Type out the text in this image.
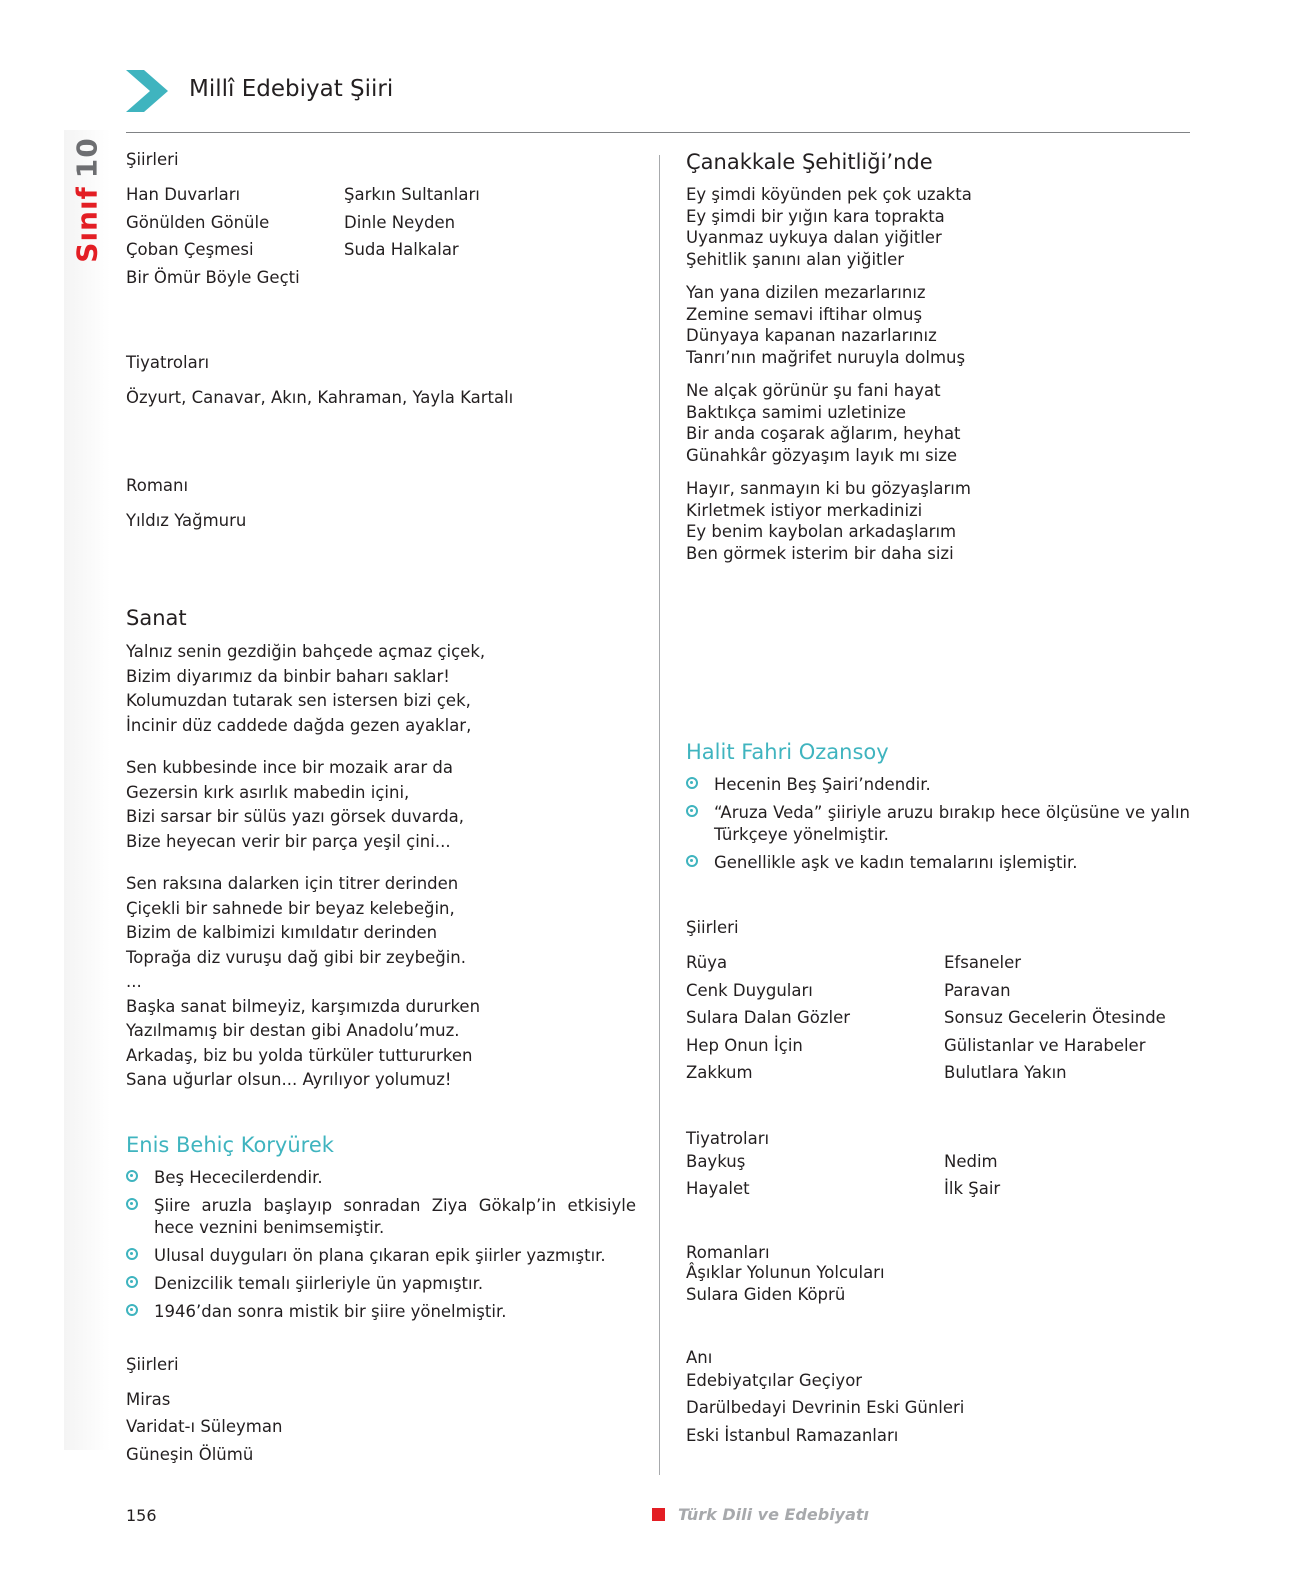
Sınıf10
Millî Edebiyat Şiiri
Şiirleri
Han Duvarları
Gönülden Gönüle
Çoban Çeşmesi
Bir Ömür Böyle Geçti
Şarkın Sultanları
Dinle Neyden
Suda Halkalar
Tiyatroları
Özyurt, Canavar, Akın, Kahraman, Yayla Kartalı
Romanı
Yıldız Yağmuru
Sanat
Yalnız senin gezdiğin bahçede açmaz çiçek,
Bizim diyarımız da binbir baharı saklar!
Kolumuzdan tutarak sen istersen bizi çek,
İncinir düz caddede dağda gezen ayaklar,
Sen kubbesinde ince bir mozaik arar da
Gezersin kırk asırlık mabedin içini,
Bizi sarsar bir sülüs yazı görsek duvarda,
Bize heyecan verir bir parça yeşil çini...
Sen raksına dalarken için titrer derinden
Çiçekli bir sahnede bir beyaz kelebeğin,
Bizim de kalbimizi kımıldatır derinden
Toprağa diz vuruşu dağ gibi bir zeybeğin.
...
Başka sanat bilmeyiz, karşımızda dururken
Yazılmamış bir destan gibi Anadolu’muz.
Arkadaş, biz bu yolda türküler tuttururken
Sana uğurlar olsun... Ayrılıyor yolumuz!
Enis Behiç Koryürek
Beş Hececilerdendir.
Şiire aruzla başlayıp sonradan Ziya Gökalp’in etkisiyle hece veznini benimsemiştir.
Ulusal duyguları ön plana çıkaran epik şiirler yazmıştır.
Denizcilik temalı şiirleriyle ün yapmıştır.
1946’dan sonra mistik bir şiire yönelmiştir.
Şiirleri
Miras
Varidat-ı Süleyman
Güneşin Ölümü
Çanakkale Şehitliği’nde
Ey şimdi köyünden pek çok uzakta
Ey şimdi bir yığın kara toprakta
Uyanmaz uykuya dalan yiğitler
Şehitlik şanını alan yiğitler
Yan yana dizilen mezarlarınız
Zemine semavi iftihar olmuş
Dünyaya kapanan nazarlarınız
Tanrı’nın mağrifet nuruyla dolmuş
Ne alçak görünür şu fani hayat
Baktıkça samimi uzletinize
Bir anda coşarak ağlarım, heyhat
Günahkâr gözyaşım layık mı size
Hayır, sanmayın ki bu gözyaşlarım
Kirletmek istiyor merkadinizi
Ey benim kaybolan arkadaşlarım
Ben görmek isterim bir daha sizi
Halit Fahri Ozansoy
Hecenin Beş Şairi’ndendir.
“Aruza Veda” şiiriyle aruzu bırakıp hece ölçüsüne ve yalın Türkçeye yönelmiştir.
Genellikle aşk ve kadın temalarını işlemiştir.
Şiirleri
Rüya
Cenk Duyguları
Sulara Dalan Gözler
Hep Onun İçin
Zakkum
Efsaneler
Paravan
Sonsuz Gecelerin Ötesinde
Gülistanlar ve Harabeler
Bulutlara Yakın
Tiyatroları
Baykuş
Hayalet
Nedim
İlk Şair
Romanları
Âşıklar Yolunun Yolcuları
Sulara Giden Köprü
Anı
Edebiyatçılar Geçiyor
Darülbedayi Devrinin Eski Günleri
Eski İstanbul Ramazanları
156	Türk Dili ve Edebiyatı
